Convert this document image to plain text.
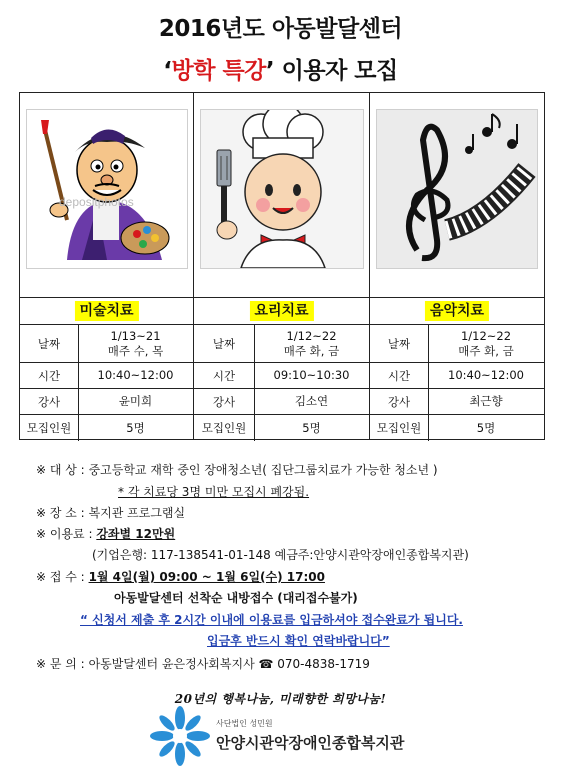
2016년도 아동발달센터
‘방학 특강’ 이용자 모집
depositphotos
미술치료
날짜
1/13~21
매주 수, 목
시간	10:40~12:00
강사	윤미희
모집인원	5명
요리치료
날짜
1/12~22
매주 화, 금
시간	09:10~10:30
강사	김소연
모집인원	5명
음악치료
날짜
1/12~22
매주 화, 금
시간	10:40~12:00
강사	최근향
모집인원	5명
※ 대 상 : 중고등학교 재학 중인 장애청소년( 집단그룹치료가 가능한 청소년 )
* 각 치료당 3명 미만 모집시 폐강됨.
※ 장 소 : 복지관 프로그램실
※ 이용료 : 강좌별 12만원
(기업은행: 117-138541-01-148 예금주:안양시관악장애인종합복지관)
※ 접 수 : 1월 4일(월) 09:00 ~ 1월 6일(수) 17:00
아동발달센터 선착순 내방접수 (대리접수불가)
“ 신청서 제출 후 2시간 이내에 이용료를 입금하셔야 접수완료가 됩니다.
입금후 반드시 확인 연락바랍니다”
※ 문 의 : 아동발달센터 윤은정사회복지사 ☎ 070-4838-1719
20년의 행복나눔, 미래향한 희망나눔!
사단법인 성민원
안양시관악장애인종합복지관
